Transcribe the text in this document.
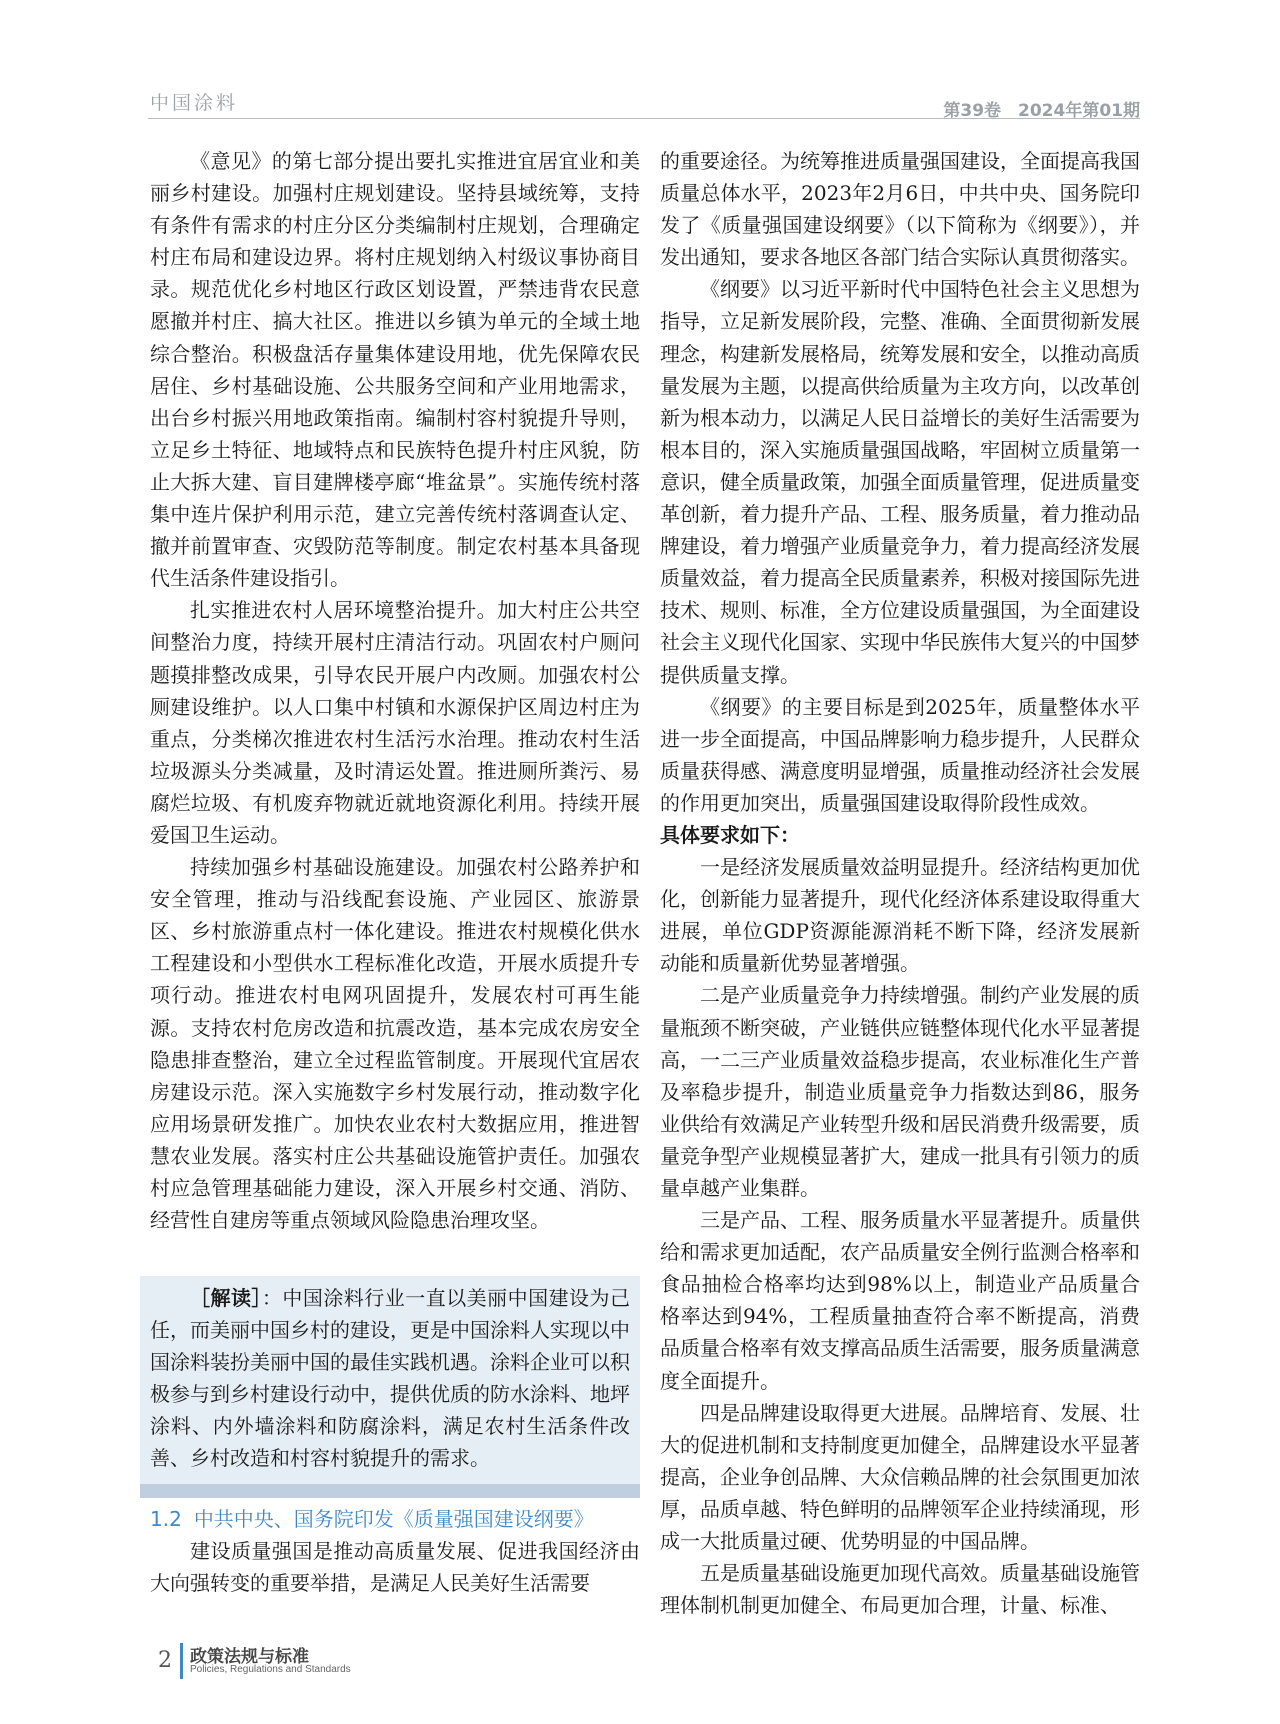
中国涂料	第39卷　2024年第01期

《意见》的第七部分提出要扎实推进宜居宜业和美丽乡村建设。加强村庄规划建设。坚持县域统筹，支持有条件有需求的村庄分区分类编制村庄规划，合理确定村庄布局和建设边界。将村庄规划纳入村级议事协商目录。规范优化乡村地区行政区划设置，严禁违背农民意愿撤并村庄、搞大社区。推进以乡镇为单元的全域土地综合整治。积极盘活存量集体建设用地，优先保障农民居住、乡村基础设施、公共服务空间和产业用地需求，出台乡村振兴用地政策指南。编制村容村貌提升导则，立足乡土特征、地域特点和民族特色提升村庄风貌，防止大拆大建、盲目建牌楼亭廊“堆盆景”。实施传统村落集中连片保护利用示范，建立完善传统村落调查认定、撤并前置审查、灾毁防范等制度。制定农村基本具备现代生活条件建设指引。

扎实推进农村人居环境整治提升。加大村庄公共空间整治力度，持续开展村庄清洁行动。巩固农村户厕问题摸排整改成果，引导农民开展户内改厕。加强农村公厕建设维护。以人口集中村镇和水源保护区周边村庄为重点，分类梯次推进农村生活污水治理。推动农村生活垃圾源头分类减量，及时清运处置。推进厕所粪污、易腐烂垃圾、有机废弃物就近就地资源化利用。持续开展爱国卫生运动。

持续加强乡村基础设施建设。加强农村公路养护和安全管理，推动与沿线配套设施、产业园区、旅游景区、乡村旅游重点村一体化建设。推进农村规模化供水工程建设和小型供水工程标准化改造，开展水质提升专项行动。推进农村电网巩固提升，发展农村可再生能源。支持农村危房改造和抗震改造，基本完成农房安全隐患排查整治，建立全过程监管制度。开展现代宜居农房建设示范。深入实施数字乡村发展行动，推动数字化应用场景研发推广。加快农业农村大数据应用，推进智慧农业发展。落实村庄公共基础设施管护责任。加强农村应急管理基础能力建设，深入开展乡村交通、消防、经营性自建房等重点领域风险隐患治理攻坚。

［解读］：中国涂料行业一直以美丽中国建设为己任，而美丽中国乡村的建设，更是中国涂料人实现以中国涂料装扮美丽中国的最佳实践机遇。涂料企业可以积极参与到乡村建设行动中，提供优质的防水涂料、地坪涂料、内外墙涂料和防腐涂料，满足农村生活条件改善、乡村改造和村容村貌提升的需求。

1.2 中共中央、国务院印发《质量强国建设纲要》

建设质量强国是推动高质量发展、促进我国经济由大向强转变的重要举措，是满足人民美好生活需要

的重要途径。为统筹推进质量强国建设，全面提高我国质量总体水平，2023年2月6日，中共中央、国务院印发了《质量强国建设纲要》（以下简称为《纲要》），并发出通知，要求各地区各部门结合实际认真贯彻落实。

《纲要》以习近平新时代中国特色社会主义思想为指导，立足新发展阶段，完整、准确、全面贯彻新发展理念，构建新发展格局，统筹发展和安全，以推动高质量发展为主题，以提高供给质量为主攻方向，以改革创新为根本动力，以满足人民日益增长的美好生活需要为根本目的，深入实施质量强国战略，牢固树立质量第一意识，健全质量政策，加强全面质量管理，促进质量变革创新，着力提升产品、工程、服务质量，着力推动品牌建设，着力增强产业质量竞争力，着力提高经济发展质量效益，着力提高全民质量素养，积极对接国际先进技术、规则、标准，全方位建设质量强国，为全面建设社会主义现代化国家、实现中华民族伟大复兴的中国梦提供质量支撑。

《纲要》的主要目标是到2025年，质量整体水平进一步全面提高，中国品牌影响力稳步提升，人民群众质量获得感、满意度明显增强，质量推动经济社会发展的作用更加突出，质量强国建设取得阶段性成效。

具体要求如下：

一是经济发展质量效益明显提升。经济结构更加优化，创新能力显著提升，现代化经济体系建设取得重大进展，单位GDP资源能源消耗不断下降，经济发展新动能和质量新优势显著增强。

二是产业质量竞争力持续增强。制约产业发展的质量瓶颈不断突破，产业链供应链整体现代化水平显著提高，一二三产业质量效益稳步提高，农业标准化生产普及率稳步提升，制造业质量竞争力指数达到86，服务业供给有效满足产业转型升级和居民消费升级需要，质量竞争型产业规模显著扩大，建成一批具有引领力的质量卓越产业集群。

三是产品、工程、服务质量水平显著提升。质量供给和需求更加适配，农产品质量安全例行监测合格率和食品抽检合格率均达到98%以上，制造业产品质量合格率达到94%，工程质量抽查符合率不断提高，消费品质量合格率有效支撑高品质生活需要，服务质量满意度全面提升。

四是品牌建设取得更大进展。品牌培育、发展、壮大的促进机制和支持制度更加健全，品牌建设水平显著提高，企业争创品牌、大众信赖品牌的社会氛围更加浓厚，品质卓越、特色鲜明的品牌领军企业持续涌现，形成一大批质量过硬、优势明显的中国品牌。

五是质量基础设施更加现代高效。质量基础设施管理体制机制更加健全、布局更加合理，计量、标准、

2 政策法规与标准
Policies, Regulations and Standards
